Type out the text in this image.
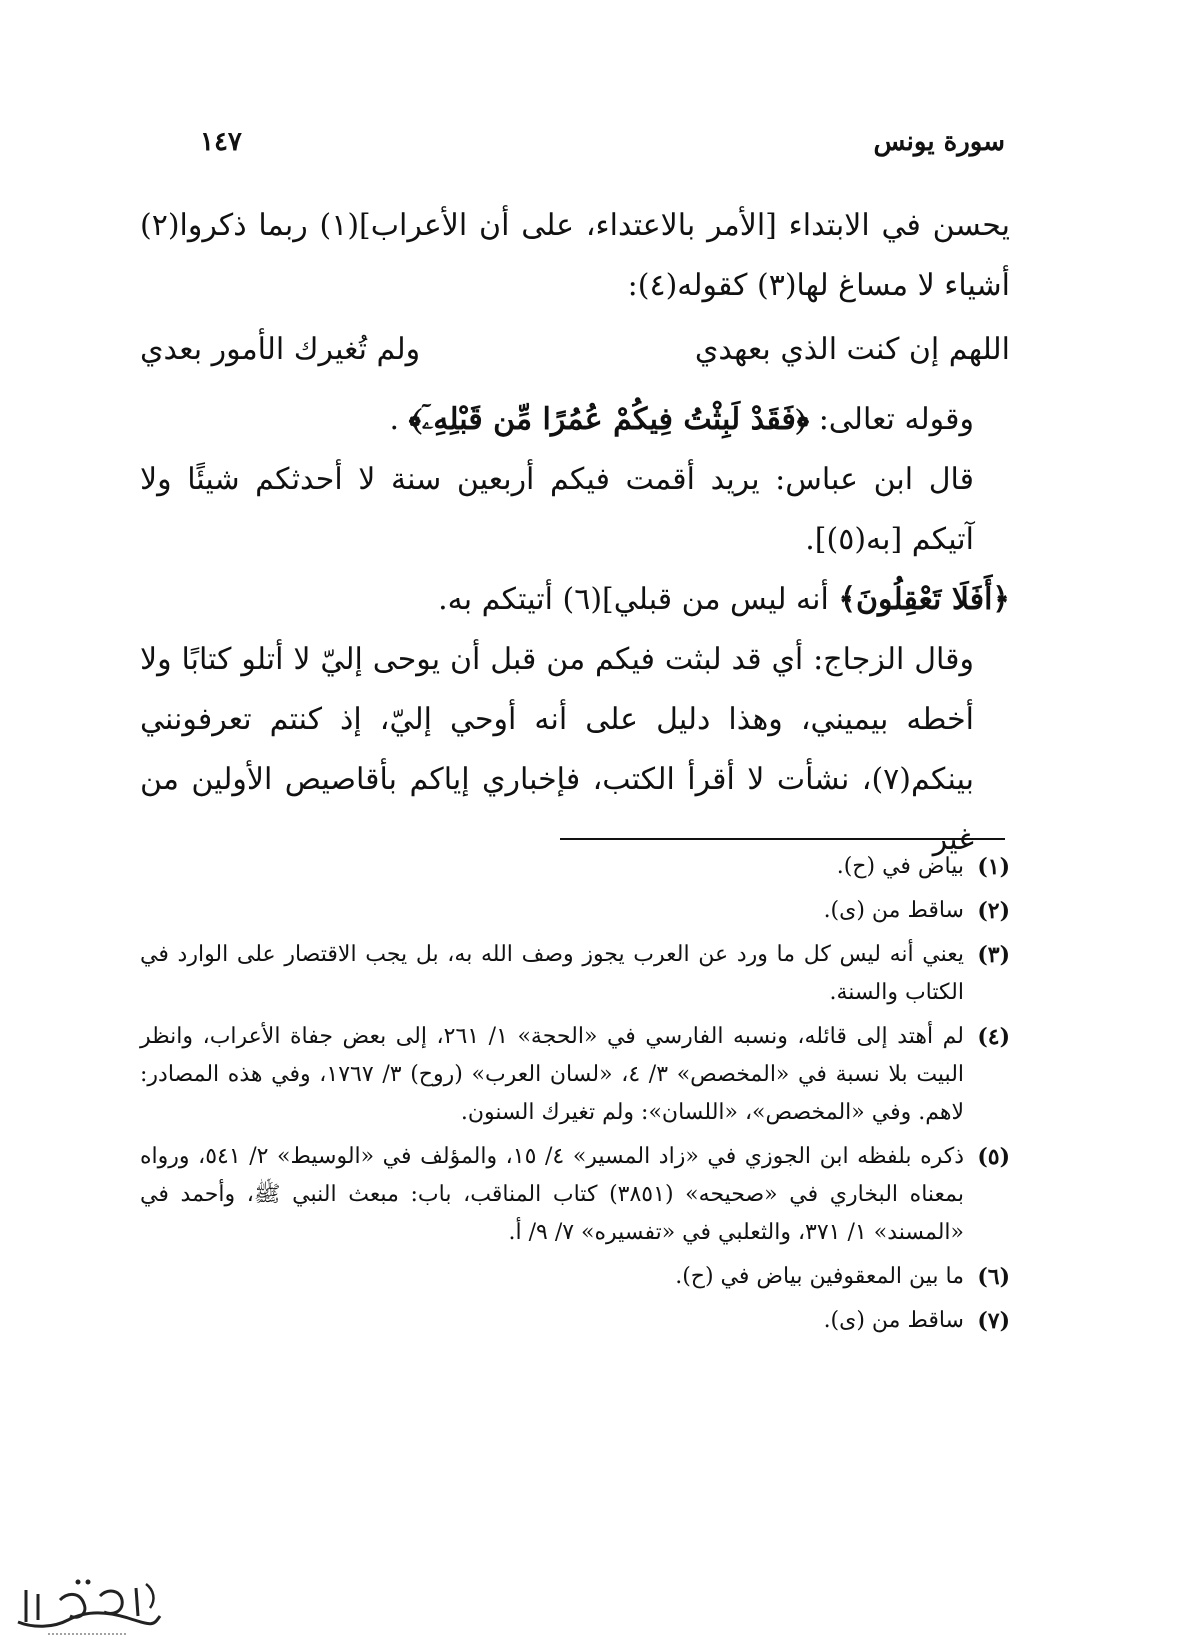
سورة يونس
١٤٧

يحسن في الابتداء [الأمر بالاعتداء، على أن الأعراب](١) ربما ذكروا(٢) أشياء لا مساغ لها(٣) كقوله(٤):

اللهم إن كنت الذي بعهدي
ولم تُغيرك الأمور بعدي

وقوله تعالى: ﴿فَقَدْ لَبِثْتُ فِيكُمْ عُمُرًا مِّن قَبْلِهِۦٓ﴾ .

قال ابن عباس: يريد أقمت فيكم أربعين سنة لا أحدثكم شيئًا ولا آتيكم [به(٥)].

﴿أَفَلَا تَعْقِلُونَ﴾ أنه ليس من قبلي](٦) أتيتكم به.

وقال الزجاج: أي قد لبثت فيكم من قبل أن يوحى إليّ لا أتلو كتابًا ولا أخطه بيميني، وهذا دليل على أنه أوحي إليّ، إذ كنتم تعرفونني بينكم(٧)، نشأت لا أقرأ الكتب، فإخباري إياكم بأقاصيص الأولين من غير

(١)
بياض في (ح).
(٢)
ساقط من (ى).
(٣)
يعني أنه ليس كل ما ورد عن العرب يجوز وصف الله به، بل يجب الاقتصار على الوارد في الكتاب والسنة.
(٤)
لم أهتد إلى قائله، ونسبه الفارسي في «الحجة» ١/ ٢٦١، إلى بعض جفاة الأعراب، وانظر البيت بلا نسبة في «المخصص» ٣/ ٤، «لسان العرب» (روح) ٣/ ١٧٦٧، وفي هذه المصادر: لاهم. وفي «المخصص»، «اللسان»: ولم تغيرك السنون.
(٥)
ذكره بلفظه ابن الجوزي في «زاد المسير» ٤/ ١٥، والمؤلف في «الوسيط» ٢/ ٥٤١، ورواه بمعناه البخاري في «صحيحه» (٣٨٥١) كتاب المناقب، باب: مبعث النبي ﷺ، وأحمد في «المسند» ١/ ٣٧١، والثعلبي في «تفسيره» ٧/ ٩/ أ.
(٦)
ما بين المعقوفين بياض في (ح).
(٧)
ساقط من (ى).
